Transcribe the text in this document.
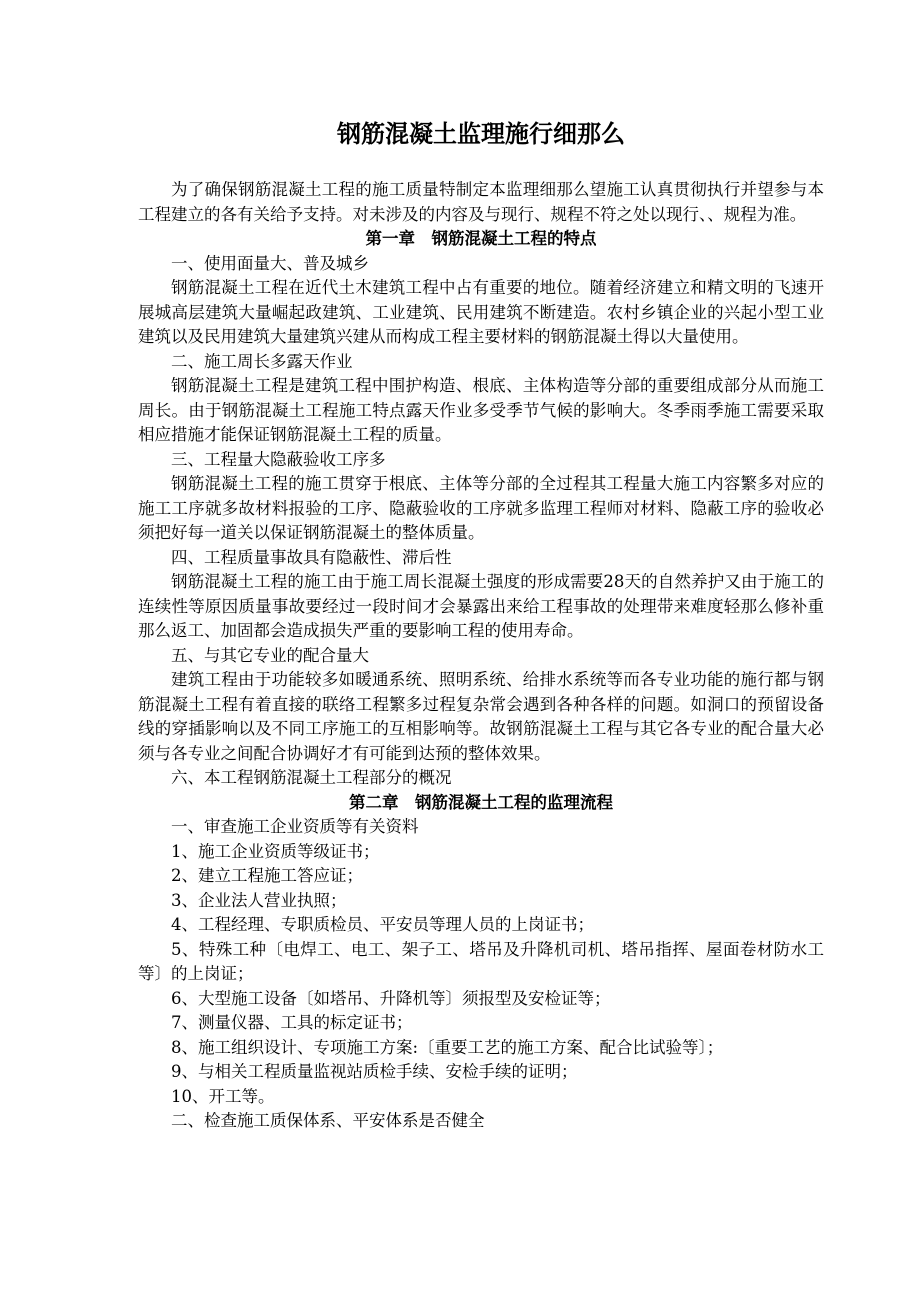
钢筋混凝土监理施行细那么

为了确保钢筋混凝土工程的施工质量特制定本监理细那么望施工认真贯彻执行并望参与本工程建立的各有关给予支持。对未涉及的内容及与现行、规程不符之处以现行、、规程为准。

第一章　钢筋混凝土工程的特点

一、使用面量大、普及城乡

钢筋混凝土工程在近代土木建筑工程中占有重要的地位。随着经济建立和精文明的飞速开展城高层建筑大量崛起政建筑、工业建筑、民用建筑不断建造。农村乡镇企业的兴起小型工业建筑以及民用建筑大量建筑兴建从而构成工程主要材料的钢筋混凝土得以大量使用。

二、施工周长多露天作业

钢筋混凝土工程是建筑工程中围护构造、根底、主体构造等分部的重要组成部分从而施工周长。由于钢筋混凝土工程施工特点露天作业多受季节气候的影响大。冬季雨季施工需要采取相应措施才能保证钢筋混凝土工程的质量。

三、工程量大隐蔽验收工序多

钢筋混凝土工程的施工贯穿于根底、主体等分部的全过程其工程量大施工内容繁多对应的施工工序就多故材料报验的工序、隐蔽验收的工序就多监理工程师对材料、隐蔽工序的验收必须把好每一道关以保证钢筋混凝土的整体质量。

四、工程质量事故具有隐蔽性、滞后性

钢筋混凝土工程的施工由于施工周长混凝土强度的形成需要28天的自然养护又由于施工的连续性等原因质量事故要经过一段时间才会暴露出来给工程事故的处理带来难度轻那么修补重那么返工、加固都会造成损失严重的要影响工程的使用寿命。

五、与其它专业的配合量大

建筑工程由于功能较多如暖通系统、照明系统、给排水系统等而各专业功能的施行都与钢筋混凝土工程有着直接的联络工程繁多过程复杂常会遇到各种各样的问题。如洞口的预留设备线的穿插影响以及不同工序施工的互相影响等。故钢筋混凝土工程与其它各专业的配合量大必须与各专业之间配合协调好才有可能到达预的整体效果。

六、本工程钢筋混凝土工程部分的概况

第二章　钢筋混凝土工程的监理流程

一、审查施工企业资质等有关资料

1、施工企业资质等级证书；

2、建立工程施工答应证；

3、企业法人营业执照；

4、工程经理、专职质检员、平安员等理人员的上岗证书；

5、特殊工种〔电焊工、电工、架子工、塔吊及升降机司机、塔吊指挥、屋面卷材防水工等〕的上岗证；

6、大型施工设备〔如塔吊、升降机等〕须报型及安检证等；

7、测量仪器、工具的标定证书；

8、施工组织设计、专项施工方案:〔重要工艺的施工方案、配合比试验等〕；

9、与相关工程质量监视站质检手续、安检手续的证明；

10、开工等。

二、检查施工质保体系、平安体系是否健全
